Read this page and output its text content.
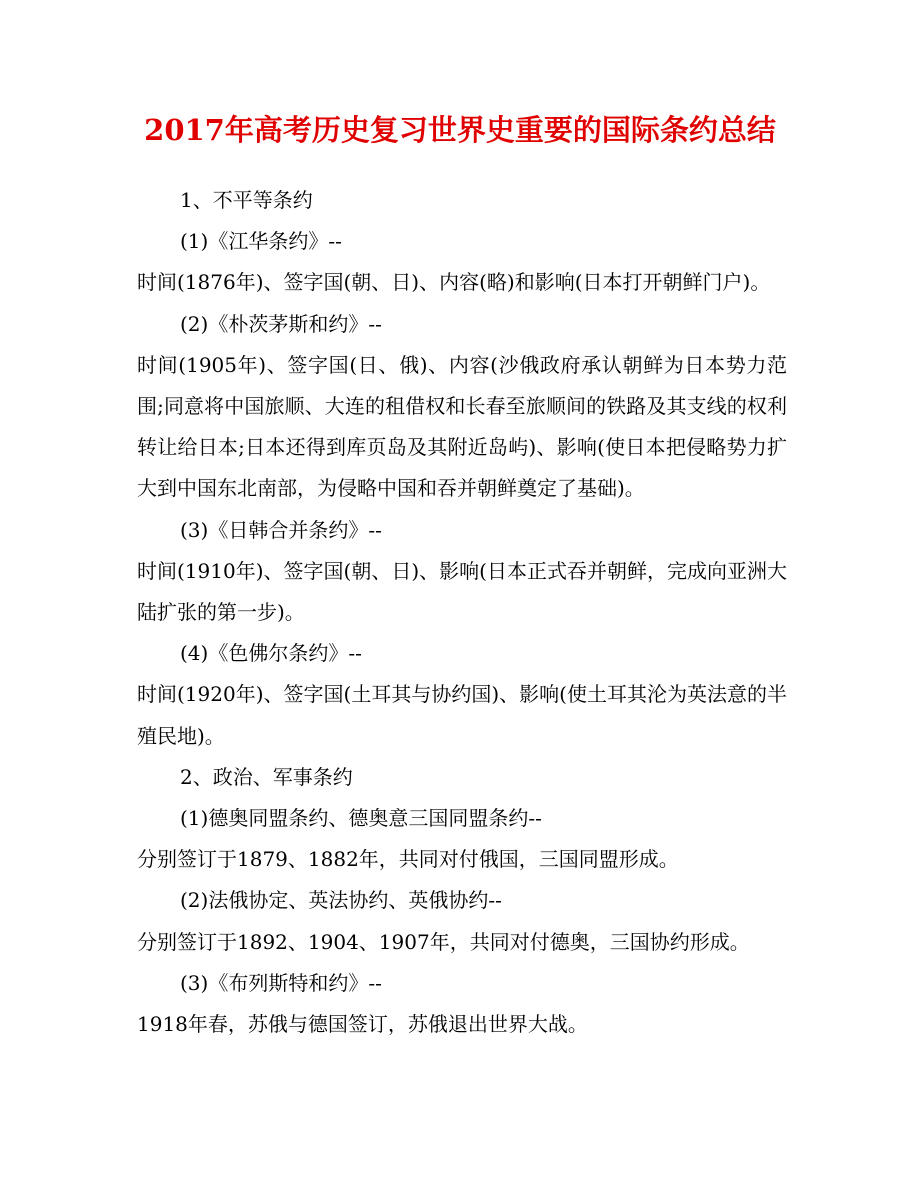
2017年高考历史复习世界史重要的国际条约总结

1、不平等条约

(1)《江华条约》--

时间(1876年)、签字国(朝、日)、内容(略)和影响(日本打开朝鲜门户)。

(2)《朴茨茅斯和约》--

时间(1905年)、签字国(日、俄)、内容(沙俄政府承认朝鲜为日本势力范围;同意将中国旅顺、大连的租借权和长春至旅顺间的铁路及其支线的权利转让给日本;日本还得到库页岛及其附近岛屿)、影响(使日本把侵略势力扩大到中国东北南部，为侵略中国和吞并朝鲜奠定了基础)。

(3)《日韩合并条约》--

时间(1910年)、签字国(朝、日)、影响(日本正式吞并朝鲜，完成向亚洲大陆扩张的第一步)。

(4)《色佛尔条约》--

时间(1920年)、签字国(土耳其与协约国)、影响(使土耳其沦为英法意的半殖民地)。

2、政治、军事条约

(1)德奥同盟条约、德奥意三国同盟条约--

分别签订于1879、1882年，共同对付俄国，三国同盟形成。

(2)法俄协定、英法协约、英俄协约--

分别签订于1892、1904、1907年，共同对付德奥，三国协约形成。

(3)《布列斯特和约》--

1918年春，苏俄与德国签订，苏俄退出世界大战。
